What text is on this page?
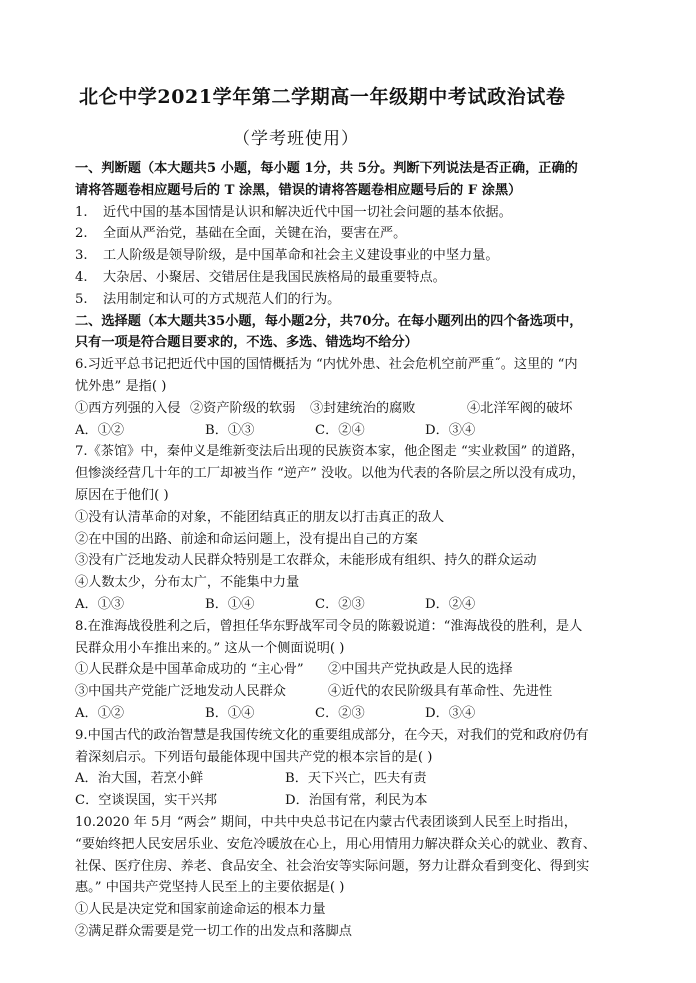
北仑中学2021学年第二学期高一年级期中考试政治试卷
（学考班使用）
一、判断题（本大题共5 小题，每小题 1分，共 5分。判断下列说法是否正确，正确的
请将答题卷相应题号后的 T 涂黑，错误的请将答题卷相应题号后的 F 涂黑）
1. 近代中国的基本国情是认识和解决近代中国一切社会问题的基本依据。
2. 全面从严治党，基础在全面，关键在治，要害在严。
3. 工人阶级是领导阶级，是中国革命和社会主义建设事业的中坚力量。
4. 大杂居、小聚居、交错居住是我国民族格局的最重要特点。
5. 法用制定和认可的方式规范人们的行为。
二、选择题（本大题共35小题，每小题2分，共70分。在每小题列出的四个备选项中，
只有一项是符合题目要求的，不选、多选、错选均不给分）
6.习近平总书记把近代中国的国情概括为 “内忧外患、社会危机空前严重˝。这里的 “内
忧外患” 是指( )
①西方列强的入侵 ②资产阶级的软弱 ③封建统治的腐败	④北洋军阀的破坏
A．①②	B．①③	C．②④	D．③④
7.《茶馆》中，秦仲义是维新变法后出现的民族资本家，他企图走 “实业救国” 的道路，
但惨淡经营几十年的工厂却被当作 “逆产” 没收。以他为代表的各阶层之所以没有成功，
原因在于他们( )
①没有认清革命的对象，不能团结真正的朋友以打击真正的敌人
②在中国的出路、前途和命运问题上，没有提出自己的方案
③没有广泛地发动人民群众特别是工农群众，未能形成有组织、持久的群众运动
④人数太少，分布太广，不能集中力量
A．①③	B．①④	C．②③	D．②④
8.在淮海战役胜利之后，曾担任华东野战军司令员的陈毅说道：“淮海战役的胜利，是人
民群众用小车推出来的。” 这从一个侧面说明( )
①人民群众是中国革命成功的 “主心骨” ②中国共产党执政是人民的选择
③中国共产党能广泛地发动人民群众	④近代的农民阶级具有革命性、先进性
A．①②	B．①④	C．②③	D．③④
9.中国古代的政治智慧是我国传统文化的重要组成部分，在今天，对我们的党和政府仍有
着深刻启示。下列语句最能体现中国共产党的根本宗旨的是( )
A．治大国，若烹小鲜	B．天下兴亡，匹夫有责
C．空谈误国，实干兴邦	D．治国有常，利民为本
10.2020 年 5月 “两会” 期间，中共中央总书记在内蒙古代表团谈到人民至上时指出，
“要始终把人民安居乐业、安危冷暖放在心上，用心用情用力解决群众关心的就业、教育、
社保、医疗住房、养老、食品安全、社会治安等实际问题，努力让群众看到变化、得到实
惠。” 中国共产党坚持人民至上的主要依据是( )
①人民是决定党和国家前途命运的根本力量
②满足群众需要是党一切工作的出发点和落脚点
